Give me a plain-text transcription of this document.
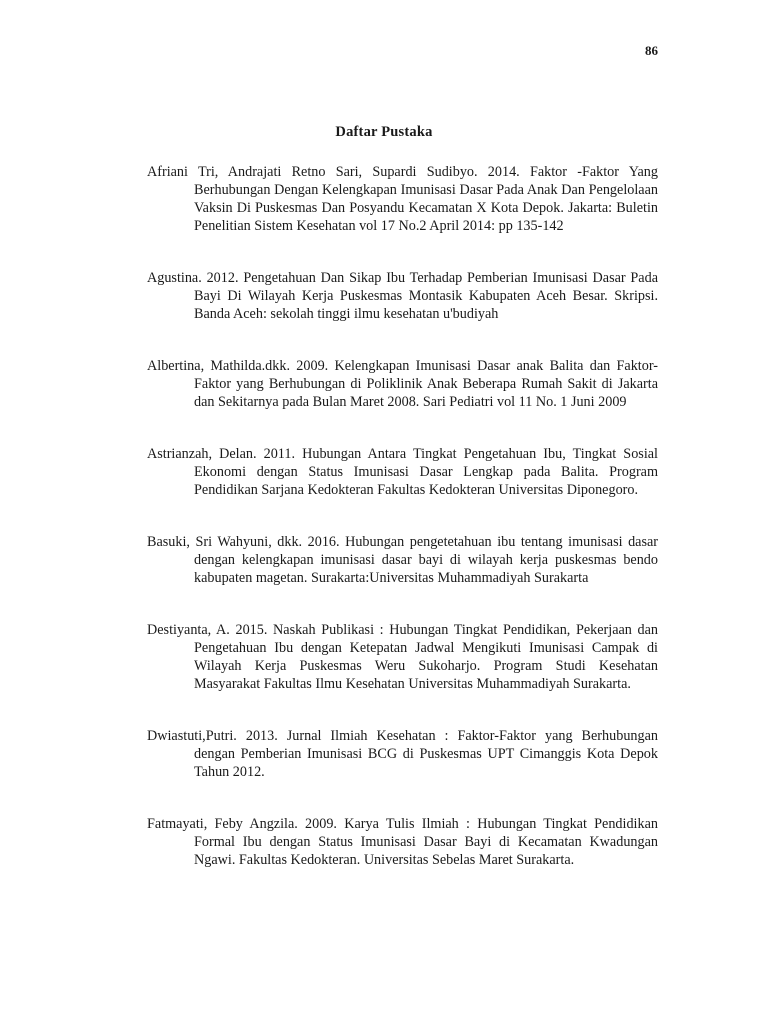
86
Daftar Pustaka
Afriani Tri, Andrajati Retno Sari, Supardi Sudibyo. 2014. Faktor -Faktor Yang Berhubungan Dengan Kelengkapan Imunisasi Dasar Pada Anak Dan Pengelolaan Vaksin Di Puskesmas Dan Posyandu Kecamatan X Kota Depok. Jakarta: Buletin Penelitian Sistem Kesehatan vol 17 No.2 April 2014: pp 135-142
Agustina. 2012. Pengetahuan Dan Sikap Ibu Terhadap Pemberian Imunisasi Dasar Pada Bayi Di Wilayah Kerja Puskesmas Montasik Kabupaten Aceh Besar. Skripsi. Banda Aceh: sekolah tinggi ilmu kesehatan u'budiyah
Albertina, Mathilda.dkk. 2009. Kelengkapan Imunisasi Dasar anak Balita dan Faktor-Faktor yang Berhubungan di Poliklinik Anak Beberapa Rumah Sakit di Jakarta dan Sekitarnya pada Bulan Maret 2008. Sari Pediatri vol 11 No. 1 Juni 2009
Astrianzah, Delan. 2011. Hubungan Antara Tingkat Pengetahuan Ibu, Tingkat Sosial Ekonomi dengan Status Imunisasi Dasar Lengkap pada Balita. Program Pendidikan Sarjana Kedokteran Fakultas Kedokteran Universitas Diponegoro.
Basuki, Sri Wahyuni, dkk. 2016. Hubungan pengetetahuan ibu tentang imunisasi dasar dengan kelengkapan imunisasi dasar bayi di wilayah kerja puskesmas bendo kabupaten magetan. Surakarta:Universitas Muhammadiyah Surakarta
Destiyanta, A. 2015. Naskah Publikasi : Hubungan Tingkat Pendidikan, Pekerjaan dan Pengetahuan Ibu dengan Ketepatan Jadwal Mengikuti Imunisasi Campak di Wilayah Kerja Puskesmas Weru Sukoharjo. Program Studi Kesehatan Masyarakat Fakultas Ilmu Kesehatan Universitas Muhammadiyah Surakarta.
Dwiastuti,Putri. 2013. Jurnal Ilmiah Kesehatan : Faktor-Faktor yang Berhubungan dengan Pemberian Imunisasi BCG di Puskesmas UPT Cimanggis Kota Depok Tahun 2012.
Fatmayati, Feby Angzila. 2009. Karya Tulis Ilmiah : Hubungan Tingkat Pendidikan Formal Ibu dengan Status Imunisasi Dasar Bayi di Kecamatan Kwadungan Ngawi. Fakultas Kedokteran. Universitas Sebelas Maret Surakarta.
